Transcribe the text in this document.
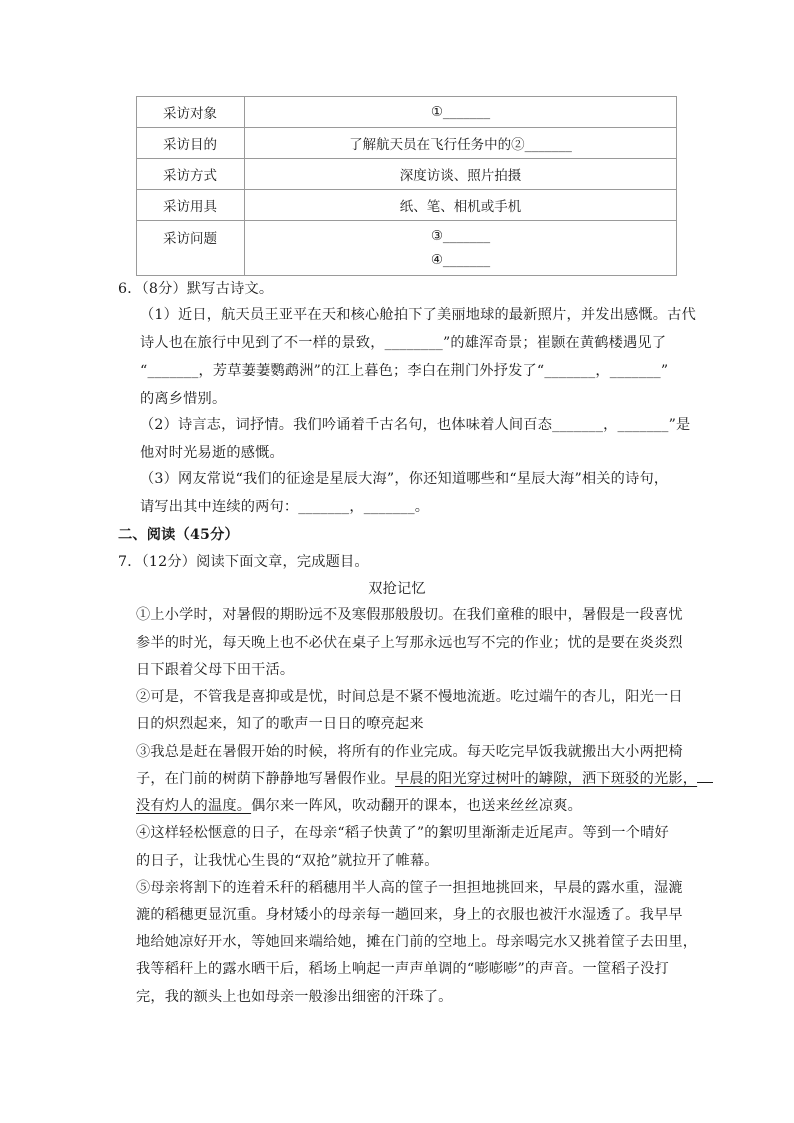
采访对象	①_______
采访目的	了解航天员在飞行任务中的②_______
采访方式	深度访谈、照片拍摄
采访用具	纸、笔、相机或手机
采访问题	③_______
④_______
6．（8分）默写古诗文。
（1）近日，航天员王亚平在天和核心舱拍下了美丽地球的最新照片，并发出感慨。古代
诗人也在旅行中见到了不一样的景致，________”的雄浑奇景；崔颢在黄鹤楼遇见了
“_______，芳草萋萋鹦鹉洲”的江上暮色；李白在荆门外抒发了“_______，_______”
的离乡惜别。
（2）诗言志，词抒情。我们吟诵着千古名句，也体味着人间百态_______，_______”是
他对时光易逝的感慨。
（3）网友常说“我们的征途是星辰大海”，你还知道哪些和“星辰大海”相关的诗句，
请写出其中连续的两句：_______，_______。
二、阅读（45分）
7．（12分）阅读下面文章，完成题目。
双抢记忆
①上小学时，对暑假的期盼远不及寒假那般殷切。在我们童稚的眼中，暑假是一段喜忧
参半的时光，每天晚上也不必伏在桌子上写那永远也写不完的作业；忧的是要在炎炎烈
日下跟着父母下田干活。
②可是，不管我是喜抑或是忧，时间总是不紧不慢地流逝。吃过端午的杏儿，阳光一日
日的炽烈起来，知了的歌声一日日的嘹亮起来
③我总是赶在暑假开始的时候，将所有的作业完成。每天吃完早饭我就搬出大小两把椅
子，在门前的树荫下静静地写暑假作业。早晨的阳光穿过树叶的罅隙，洒下斑驳的光影，
没有灼人的温度。偶尔来一阵风，吹动翻开的课本，也送来丝丝凉爽。
④这样轻松惬意的日子，在母亲“稻子快黄了”的絮叨里渐渐走近尾声。等到一个晴好
的日子，让我忧心生畏的“双抢”就拉开了帷幕。
⑤母亲将割下的连着禾秆的稻穗用半人高的筐子一担担地挑回来，早晨的露水重，湿漉
漉的稻穗更显沉重。身材矮小的母亲每一趟回来，身上的衣服也被汗水湿透了。我早早
地给她凉好开水，等她回来端给她，摊在门前的空地上。母亲喝完水又挑着筐子去田里，
我等稻秆上的露水晒干后，稻场上响起一声声单调的“嘭嘭嘭”的声音。一筐稻子没打
完，我的额头上也如母亲一般渗出细密的汗珠了。
